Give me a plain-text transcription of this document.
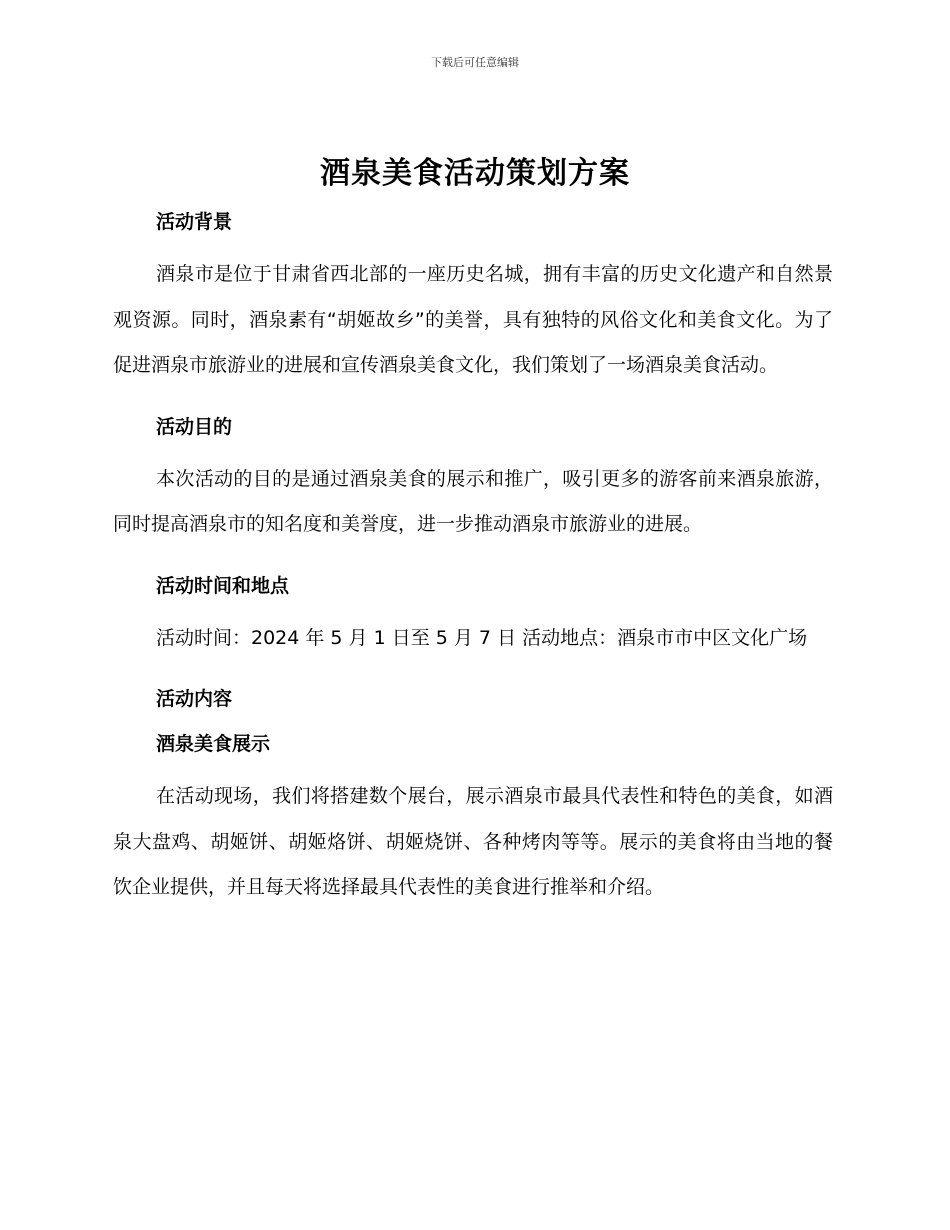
下载后可任意编辑
酒泉美食活动策划方案

活动背景

酒泉市是位于甘肃省西北部的一座历史名城，拥有丰富的历史文化遗产和自然景观资源。同时，酒泉素有“胡姬故乡”的美誉，具有独特的风俗文化和美食文化。为了促进酒泉市旅游业的进展和宣传酒泉美食文化，我们策划了一场酒泉美食活动。

活动目的

本次活动的目的是通过酒泉美食的展示和推广，吸引更多的游客前来酒泉旅游，同时提高酒泉市的知名度和美誉度，进一步推动酒泉市旅游业的进展。

活动时间和地点

活动时间：2024 年 5 月 1 日至 5 月 7 日 活动地点：酒泉市市中区文化广场

活动内容

酒泉美食展示

在活动现场，我们将搭建数个展台，展示酒泉市最具代表性和特色的美食，如酒泉大盘鸡、胡姬饼、胡姬烙饼、胡姬烧饼、各种烤肉等等。展示的美食将由当地的餐饮企业提供，并且每天将选择最具代表性的美食进行推举和介绍。
